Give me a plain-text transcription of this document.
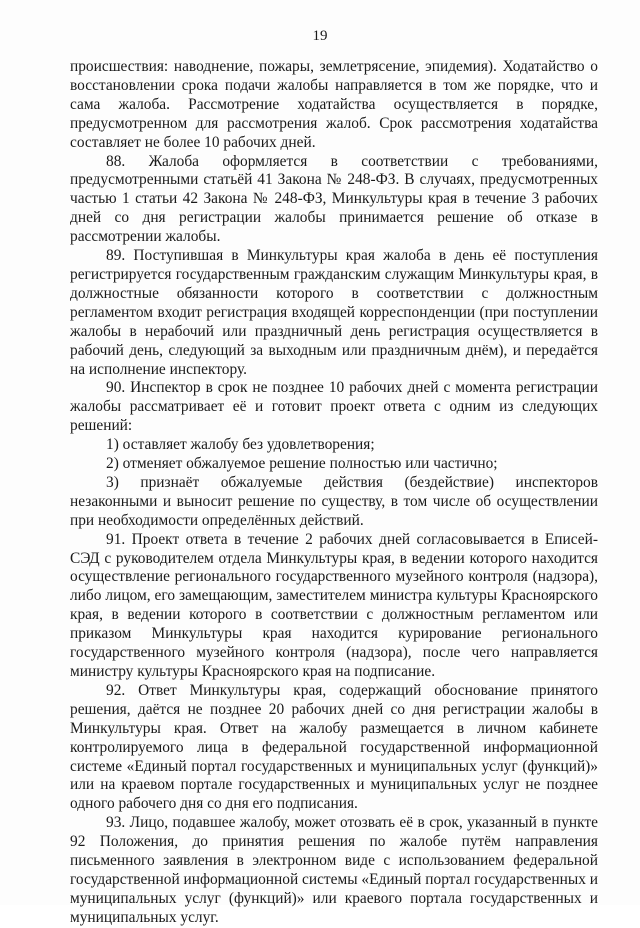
19

происшествия: наводнение, пожары, землетрясение, эпидемия). Ходатайство о восстановлении срока подачи жалобы направляется в том же порядке, что и сама жалоба. Рассмотрение ходатайства осуществляется в порядке, предусмотренном для рассмотрения жалоб. Срок рассмотрения ходатайства составляет не более 10 рабочих дней.

88. Жалоба оформляется в соответствии с требованиями, предусмотренными статьёй 41 Закона № 248-ФЗ. В случаях, предусмотренных частью 1 статьи 42 Закона № 248-ФЗ, Минкультуры края в течение 3 рабочих дней со дня регистрации жалобы принимается решение об отказе в рассмотрении жалобы.

89. Поступившая в Минкультуры края жалоба в день её поступления регистрируется государственным гражданским служащим Минкультуры края, в должностные обязанности которого в соответствии с должностным регламентом входит регистрация входящей корреспонденции (при поступлении жалобы в нерабочий или праздничный день регистрация осуществляется в рабочий день, следующий за выходным или праздничным днём), и передаётся на исполнение инспектору.

90. Инспектор в срок не позднее 10 рабочих дней с момента регистрации жалобы рассматривает её и готовит проект ответа с одним из следующих решений:

1) оставляет жалобу без удовлетворения;

2) отменяет обжалуемое решение полностью или частично;

3) признаёт обжалуемые действия (бездействие) инспекторов незаконными и выносит решение по существу, в том числе об осуществлении при необходимости определённых действий.

91. Проект ответа в течение 2 рабочих дней согласовывается в Еписей-СЭД с руководителем отдела Минкультуры края, в ведении которого находится осуществление регионального государственного музейного контроля (надзора), либо лицом, его замещающим, заместителем министра культуры Красноярского края, в ведении которого в соответствии с должностным регламентом или приказом Минкультуры края находится курирование регионального государственного музейного контроля (надзора), после чего направляется министру культуры Красноярского края на подписание.

92. Ответ Минкультуры края, содержащий обоснование принятого решения, даётся не позднее 20 рабочих дней со дня регистрации жалобы в Минкультуры края. Ответ на жалобу размещается в личном кабинете контролируемого лица в федеральной государственной информационной системе «Единый портал государственных и муниципальных услуг (функций)» или на краевом портале государственных и муниципальных услуг не позднее одного рабочего дня со дня его подписания.

93. Лицо, подавшее жалобу, может отозвать её в срок, указанный в пункте 92 Положения, до принятия решения по жалобе путём направления письменного заявления в электронном виде с использованием федеральной государственной информационной системы «Единый портал государственных и муниципальных услуг (функций)» или краевого портала государственных и муниципальных услуг.
